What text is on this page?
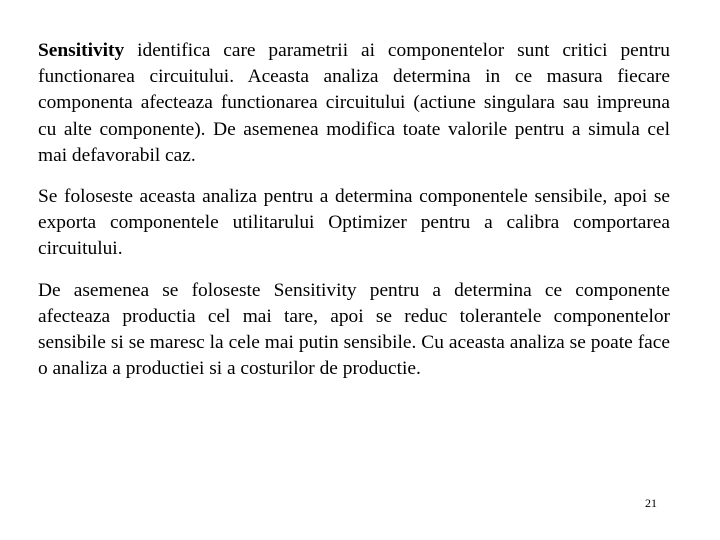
Sensitivity identifica care parametrii ai componentelor sunt critici pentru functionarea circuitului. Aceasta analiza determina in ce masura fiecare componenta afecteaza functionarea circuitului (actiune singulara sau impreuna cu alte componente). De asemenea modifica toate valorile pentru a simula cel mai defavorabil caz.

Se foloseste aceasta analiza pentru a determina componentele sensibile, apoi se exporta componentele utilitarului Optimizer pentru a calibra comportarea circuitului.

De asemenea se foloseste Sensitivity pentru a determina ce componente afecteaza productia cel mai tare, apoi se reduc tolerantele componentelor sensibile si se maresc la cele mai putin sensibile. Cu aceasta analiza se poate face o analiza a productiei si a costurilor de productie.

21
